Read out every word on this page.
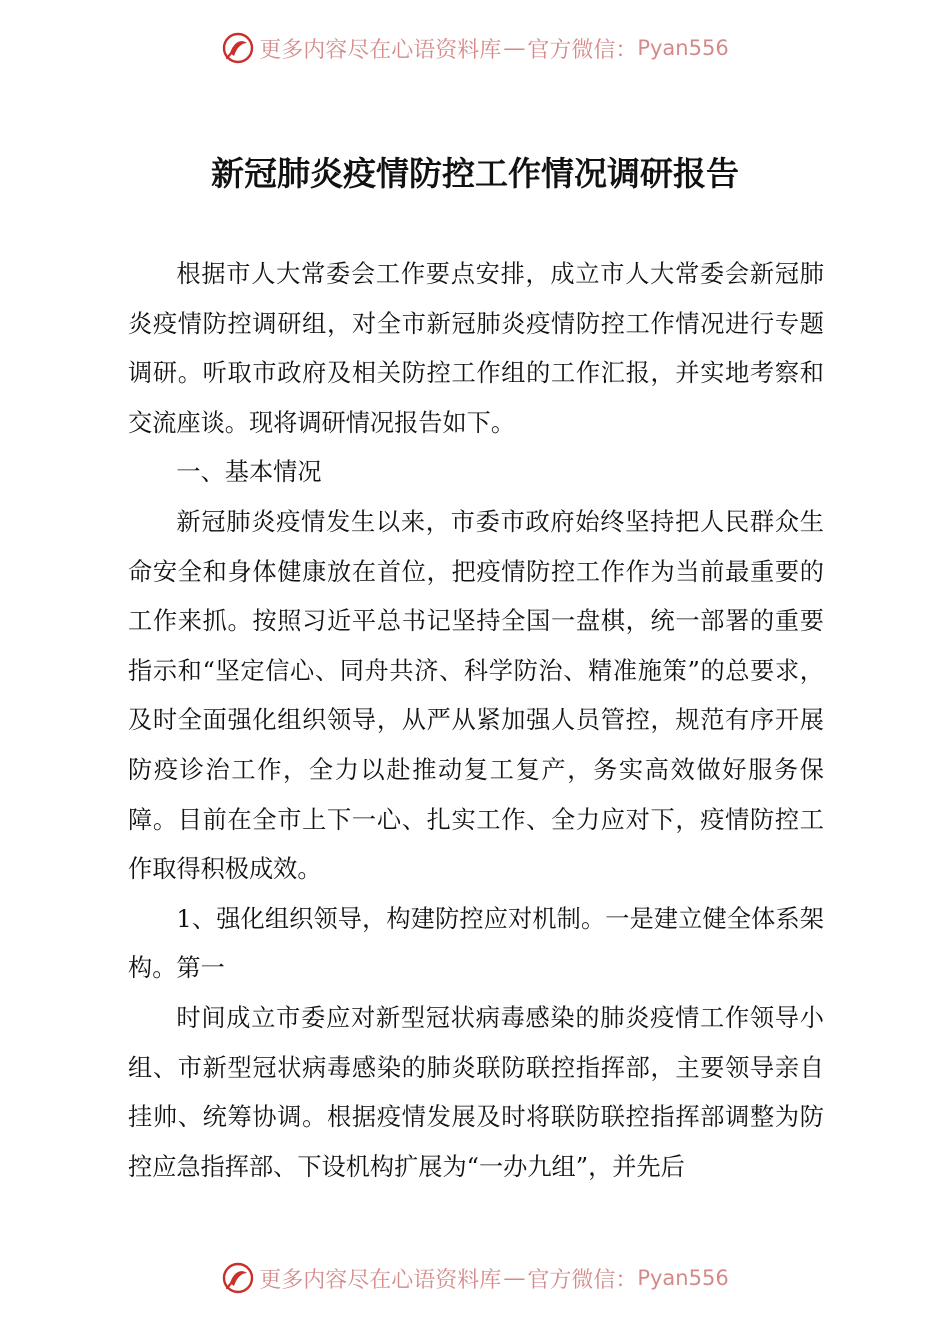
更多内容尽在心语资料库 — 官方微信： Pyan556
新冠肺炎疫情防控工作情况调研报告

根据市人大常委会工作要点安排，成立市人大常委会新冠肺炎疫情防控调研组，对全市新冠肺炎疫情防控工作情况进行专题调研。听取市政府及相关防控工作组的工作汇报，并实地考察和交流座谈。现将调研情况报告如下。

一、基本情况

新冠肺炎疫情发生以来，市委市政府始终坚持把人民群众生命安全和身体健康放在首位，把疫情防控工作作为当前最重要的工作来抓。按照习近平总书记坚持全国一盘棋，统一部署的重要指示和“坚定信心、同舟共济、科学防治、精准施策”的总要求，及时全面强化组织领导，从严从紧加强人员管控，规范有序开展防疫诊治工作，全力以赴推动复工复产，务实高效做好服务保障。目前在全市上下一心、扎实工作、全力应对下，疫情防控工作取得积极成效。

1、强化组织领导，构建防控应对机制。一是建立健全体系架构。第一

时间成立市委应对新型冠状病毒感染的肺炎疫情工作领导小组、市新型冠状病毒感染的肺炎联防联控指挥部，主要领导亲自挂帅、统筹协调。根据疫情发展及时将联防联控指挥部调整为防控应急指挥部、下设机构扩展为“一办九组”，并先后

更多内容尽在心语资料库 — 官方微信： Pyan556
